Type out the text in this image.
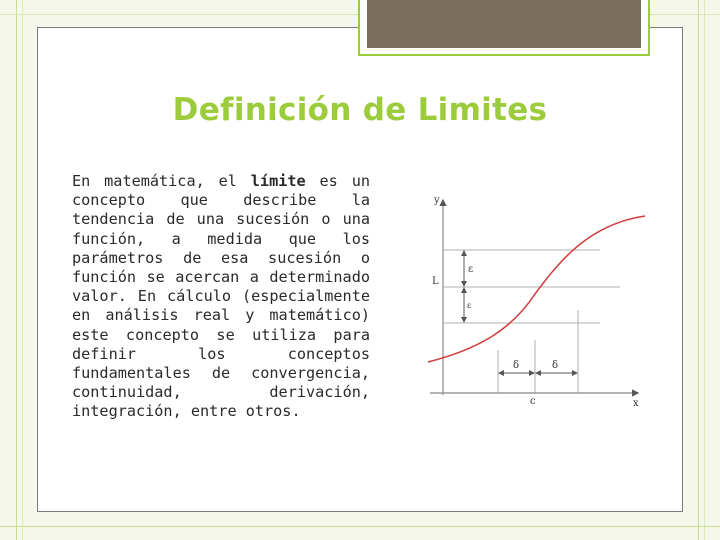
Definición de Limites
En matemática, el límite es un concepto que describe la tendencia de una sucesión o una función, a medida que los parámetros de esa sucesión o función se acercan a determinado valor. En cálculo (especialmente en análisis real y matemático) este concepto se utiliza para definir los conceptos fundamentales de convergencia, continuidad, derivación, integración, entre otros.
y
x
L
c
ε
ε
δ	δ
